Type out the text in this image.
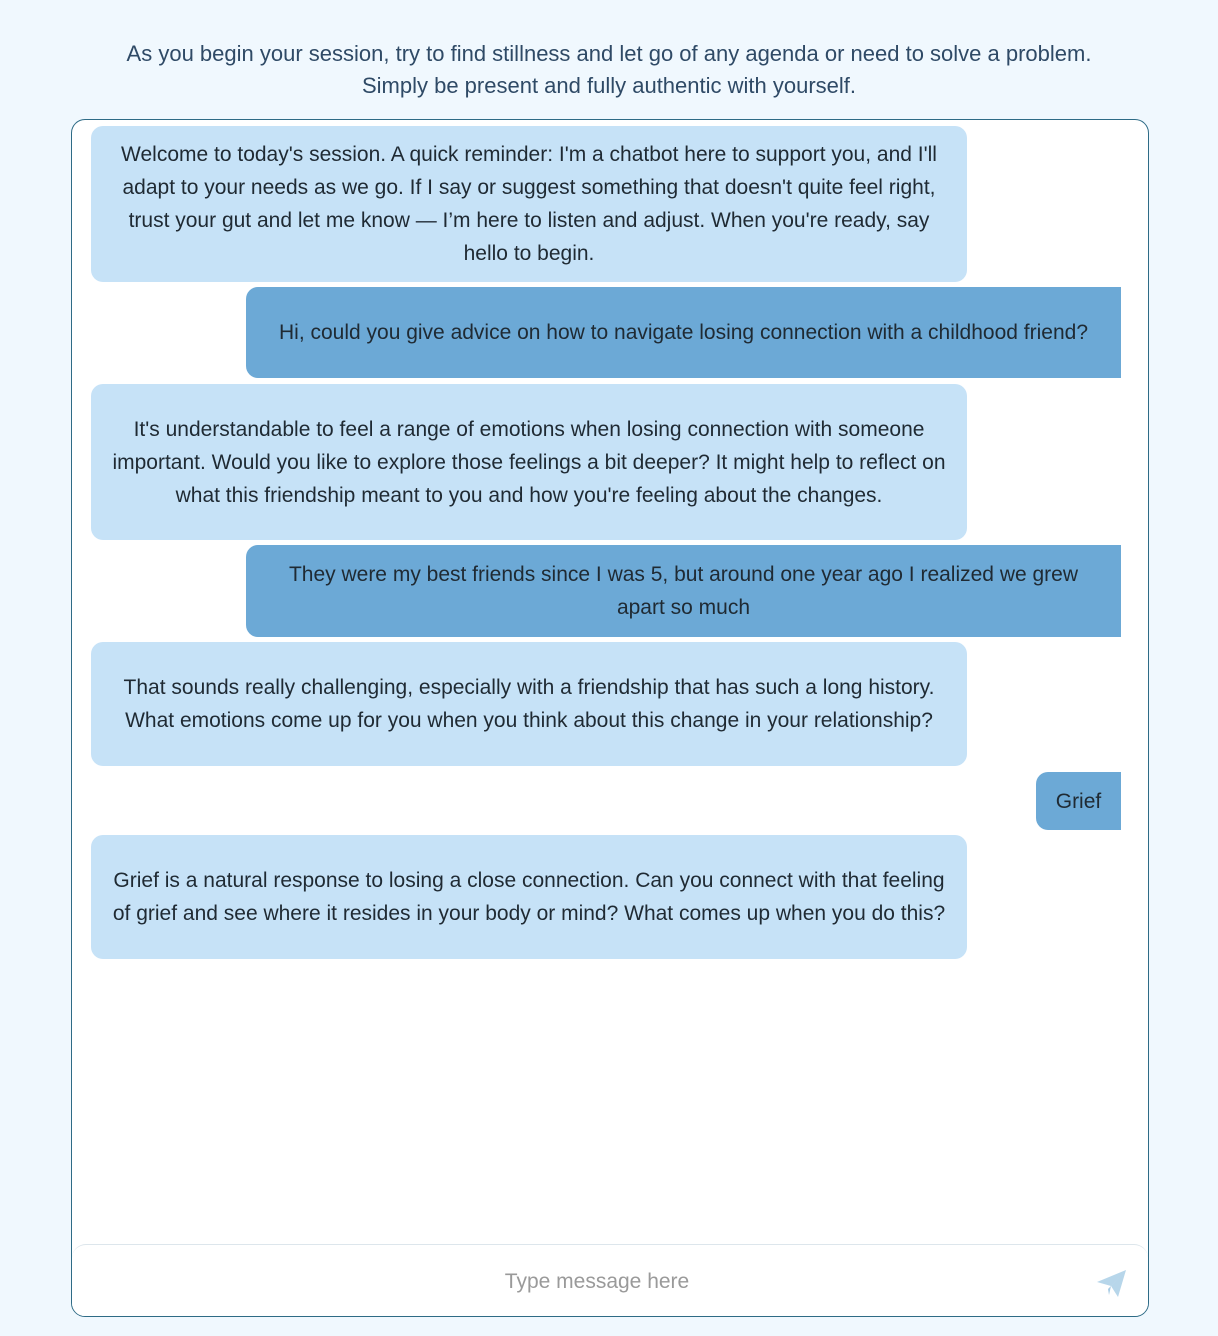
As you begin your session, try to find stillness and let go of any agenda or need to solve a problem.

Simply be present and fully authentic with yourself.

Welcome to today's session. A quick reminder: I'm a chatbot here to support you, and I'll adapt to your needs as we go. If I say or suggest something that doesn't quite feel right, trust your gut and let me know — I’m here to listen and adjust. When you're ready, say hello to begin.
Hi, could you give advice on how to navigate losing connection with a childhood friend?
It's understandable to feel a range of emotions when losing connection with someone important. Would you like to explore those feelings a bit deeper? It might help to reflect on what this friendship meant to you and how you're feeling about the changes.
They were my best friends since I was 5, but around one year ago I realized we grew apart so much
That sounds really challenging, especially with a friendship that has such a long history. What emotions come up for you when you think about this change in your relationship?
Grief
Grief is a natural response to losing a close connection. Can you connect with that feeling of grief and see where it resides in your body or mind? What comes up when you do this?
Type message here
